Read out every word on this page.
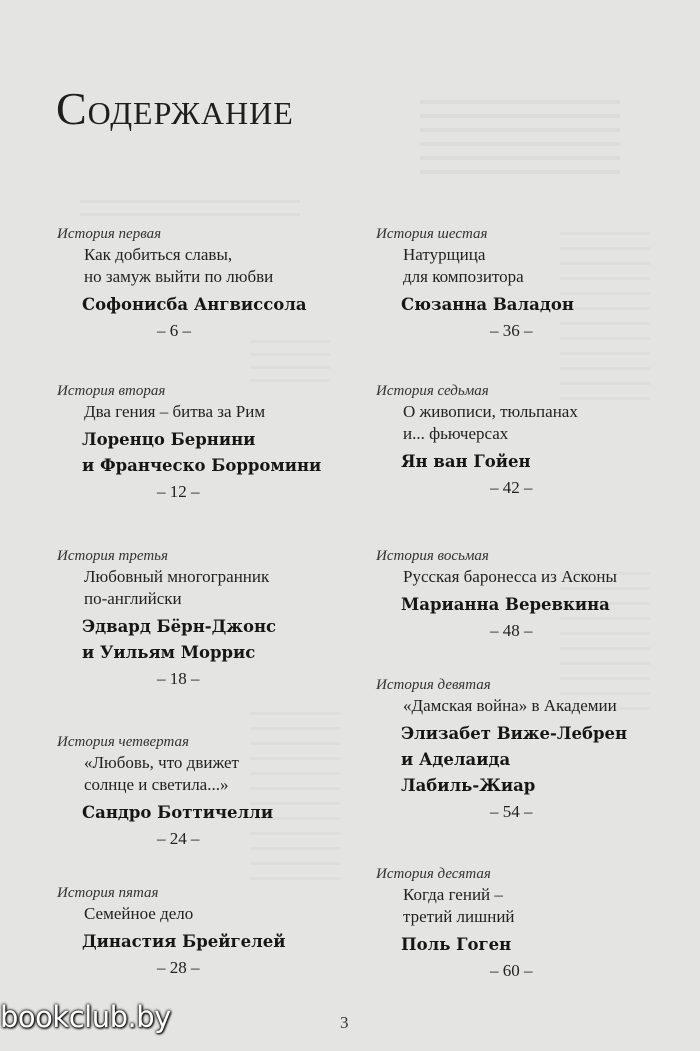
Содержание
История первая
Как добиться славы,
но замуж выйти по любви
Софонисба Ангвиссола
– 6 –
История вторая
Два гения – битва за Рим
Лоренцо Бернини
и Франческо Борромини
– 12 –
История третья
Любовный многогранник
по-английски
Эдвард Бёрн-Джонс
и Уильям Моррис
– 18 –
История четвертая
«Любовь, что движет
солнце и светила...»
Сандро Боттичелли
– 24 –
История пятая
Семейное дело
Династия Брейгелей
– 28 –
История шестая
Натурщица
для композитора
Сюзанна Валадон
– 36 –
История седьмая
О живописи, тюльпанах
и... фьючерсах
Ян ван Гойен
– 42 –
История восьмая
Русская баронесса из Асконы
Марианна Веревкина
– 48 –
История девятая
«Дамская война» в Академии
Элизабет Виже-Лебрен
и Аделаида
Лабиль-Жиар
– 54 –
История десятая
Когда гений –
третий лишний
Поль Гоген
– 60 –
3
bookclub.by
